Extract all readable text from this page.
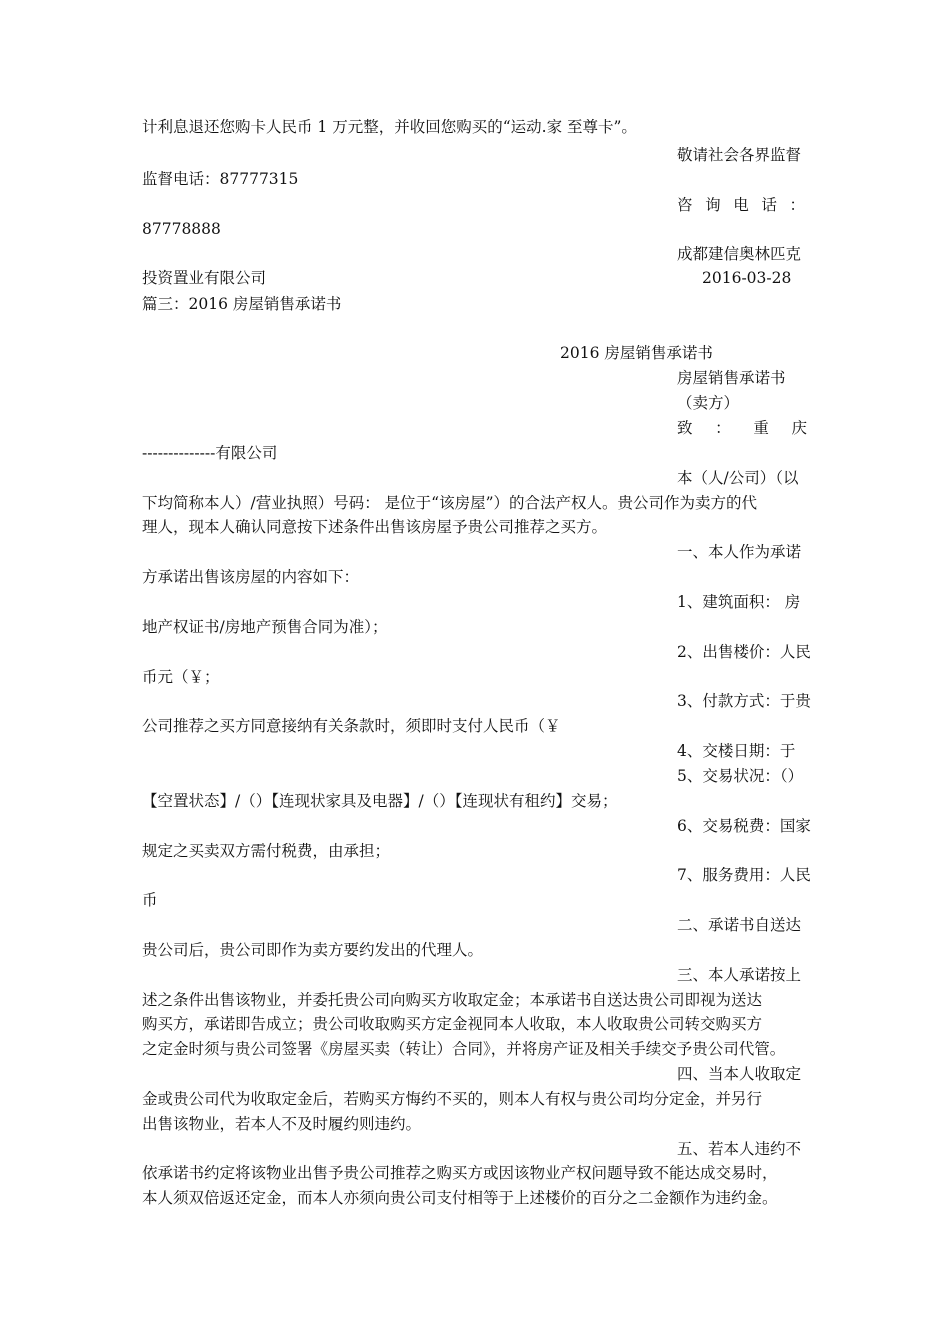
计利息退还您购卡人民币 1 万元整，并收回您购买的“运动.家 至尊卡”。
敬请社会各界监督
监督电话：87777315
咨 询 电 话 ：
87778888
成都建信奥林匹克
投资置业有限公司	2016-03-28
篇三：2016 房屋销售承诺书
2016 房屋销售承诺书
房屋销售承诺书
（卖方）
致 ： 重 庆
--------------有限公司
本（人/公司）（以
下均简称本人）/营业执照）号码： 是位于“该房屋”）的合法产权人。贵公司作为卖方的代
理人，现本人确认同意按下述条件出售该房屋予贵公司推荐之买方。
一、本人作为承诺
方承诺出售该房屋的内容如下：
1、建筑面积： 房
地产权证书/房地产预售合同为准）；
2、出售楼价：人民
币元（￥；
3、付款方式：于贵
公司推荐之买方同意接纳有关条款时，须即时支付人民币（￥
4、交楼日期：于
5、交易状况：（）
【空置状态】/（）【连现状家具及电器】/（）【连现状有租约】交易；
6、交易税费：国家
规定之买卖双方需付税费，由承担；
7、服务费用：人民
币
二、承诺书自送达
贵公司后，贵公司即作为卖方要约发出的代理人。
三、本人承诺按上
述之条件出售该物业，并委托贵公司向购买方收取定金；本承诺书自送达贵公司即视为送达
购买方，承诺即告成立；贵公司收取购买方定金视同本人收取，本人收取贵公司转交购买方
之定金时须与贵公司签署《房屋买卖（转让）合同》，并将房产证及相关手续交予贵公司代管。
四、当本人收取定
金或贵公司代为收取定金后，若购买方悔约不买的，则本人有权与贵公司均分定金，并另行
出售该物业，若本人不及时履约则违约。
五、若本人违约不
依承诺书约定将该物业出售予贵公司推荐之购买方或因该物业产权问题导致不能达成交易时，
本人须双倍返还定金，而本人亦须向贵公司支付相等于上述楼价的百分之二金额作为违约金。
